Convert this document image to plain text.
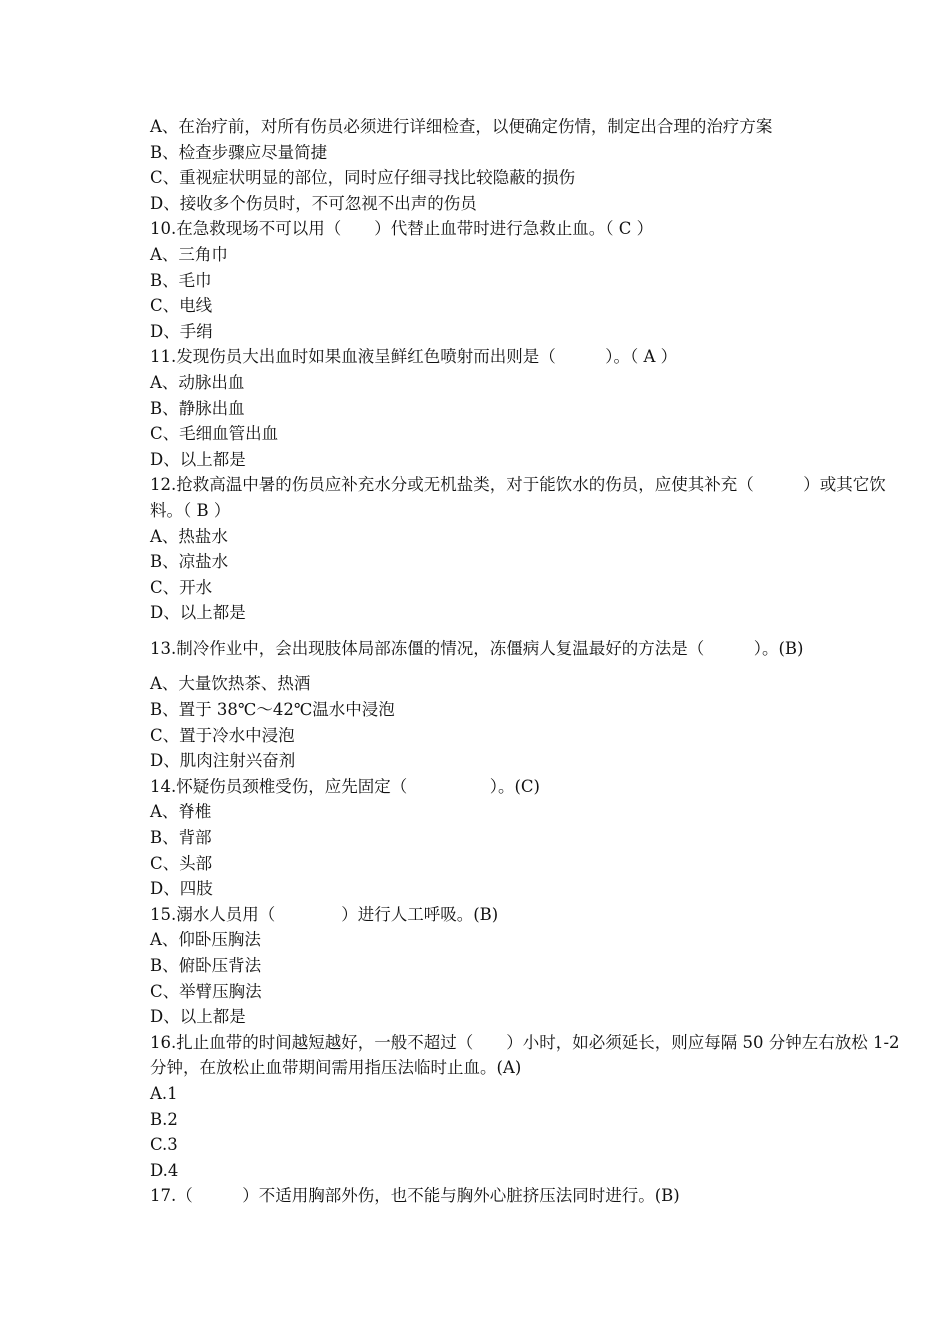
A、在治疗前，对所有伤员必须进行详细检查，以便确定伤情，制定出合理的治疗方案
B、检查步骤应尽量简捷
C、重视症状明显的部位，同时应仔细寻找比较隐蔽的损伤
D、接收多个伤员时，不可忽视不出声的伤员
10.在急救现场不可以用（　　）代替止血带时进行急救止血。（ C ）
A、三角巾
B、毛巾
C、电线
D、手绢
11.发现伤员大出血时如果血液呈鲜红色喷射而出则是（　　　）。（ A ）
A、动脉出血
B、静脉出血
C、毛细血管出血
D、以上都是
12.抢救高温中暑的伤员应补充水分或无机盐类，对于能饮水的伤员，应使其补充（　　　）或其它饮料。（ B ）
A、热盐水
B、凉盐水
C、开水
D、以上都是
13.制冷作业中，会出现肢体局部冻僵的情况，冻僵病人复温最好的方法是（　　　）。(B)
A、大量饮热茶、热酒
B、置于 38℃～42℃温水中浸泡
C、置于冷水中浸泡
D、肌肉注射兴奋剂
14.怀疑伤员颈椎受伤，应先固定（　　　　　）。(C)
A、脊椎
B、背部
C、头部
D、四肢
15.溺水人员用（　　　　）进行人工呼吸。(B)
A、仰卧压胸法
B、俯卧压背法
C、举臂压胸法
D、以上都是
16.扎止血带的时间越短越好，一般不超过（　　）小时，如必须延长，则应每隔 50 分钟左右放松 1-2 分钟，在放松止血带期间需用指压法临时止血。(A)
A.1
B.2
C.3
D.4
17.（　　　）不适用胸部外伤，也不能与胸外心脏挤压法同时进行。(B)
